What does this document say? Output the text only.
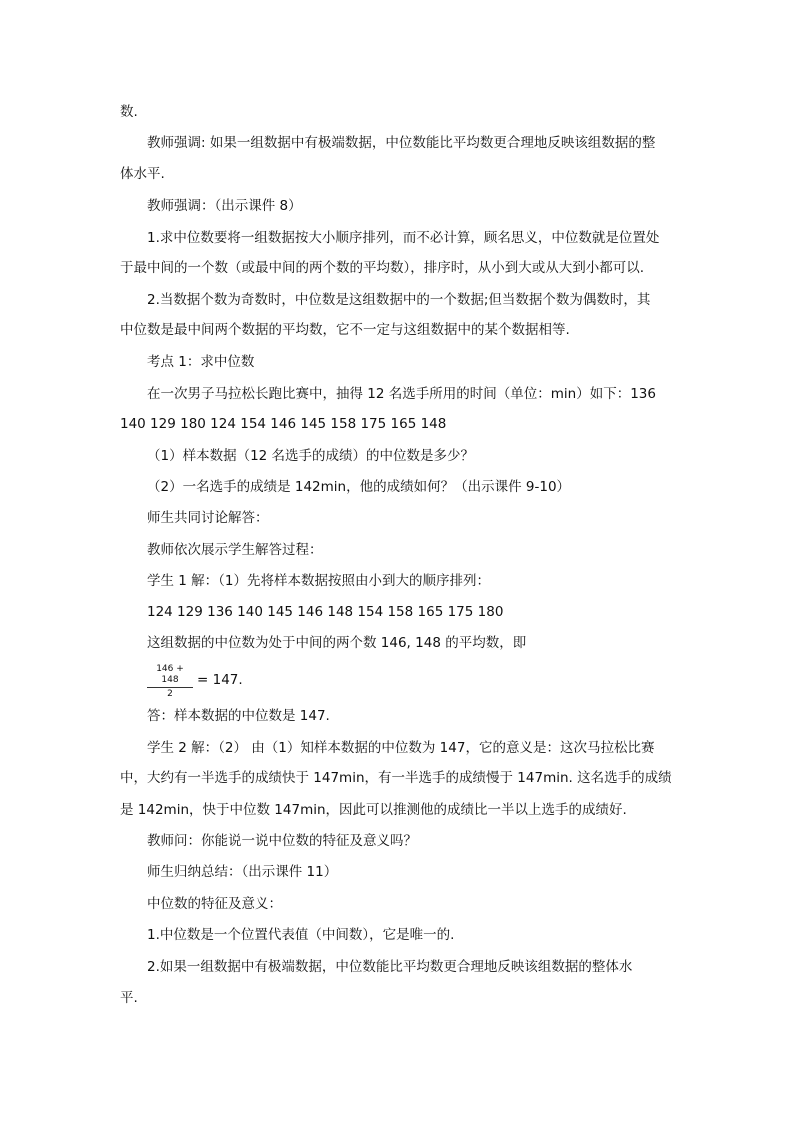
数.
教师强调: 如果一组数据中有极端数据，中位数能比平均数更合理地反映该组数据的整
体水平.
教师强调：（出示课件 8）
1.求中位数要将一组数据按大小顺序排列，而不必计算，顾名思义，中位数就是位置处
于最中间的一个数（或最中间的两个数的平均数），排序时，从小到大或从大到小都可以.
2.当数据个数为奇数时，中位数是这组数据中的一个数据;但当数据个数为偶数时，其
中位数是最中间两个数据的平均数，它不一定与这组数据中的某个数据相等.
考点 1：求中位数
在一次男子马拉松长跑比赛中，抽得 12 名选手所用的时间（单位：min）如下：136
140 129 180 124 154 146 145 158 175 165 148
（1）样本数据（12 名选手的成绩）的中位数是多少？
（2）一名选手的成绩是 142min，他的成绩如何？（出示课件 9-10）
师生共同讨论解答：
教师依次展示学生解答过程：
学生 1 解：（1）先将样本数据按照由小到大的顺序排列：
124 129 136 140 145 146 148 154 158 165 175 180
这组数据的中位数为处于中间的两个数 146, 148 的平均数，即
$\frac{146 + 148}{2} = 147$.
答：样本数据的中位数是 147.
学生 2 解：（2） 由（1）知样本数据的中位数为 147，它的意义是：这次马拉松比赛
中，大约有一半选手的成绩快于 147min，有一半选手的成绩慢于 147min. 这名选手的成绩
是 142min，快于中位数 147min，因此可以推测他的成绩比一半以上选手的成绩好.
教师问：你能说一说中位数的特征及意义吗？
师生归纳总结：（出示课件 11）
中位数的特征及意义：
1.中位数是一个位置代表值（中间数），它是唯一的.
2.如果一组数据中有极端数据，中位数能比平均数更合理地反映该组数据的整体水
平.
